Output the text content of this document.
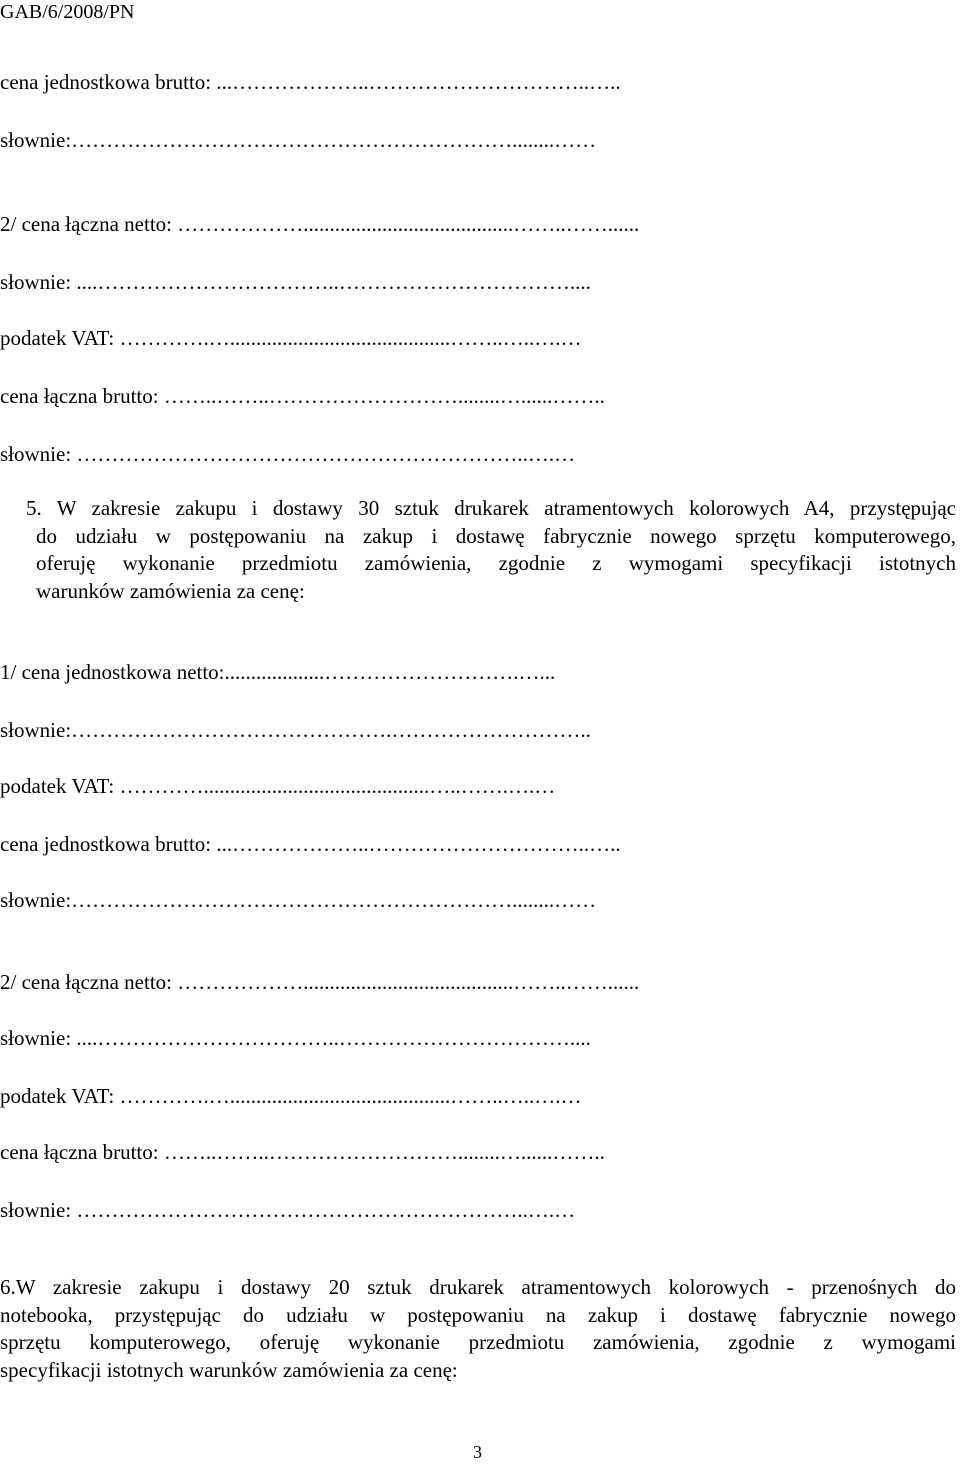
GAB/6/2008/PN
cena jednostkowa brutto: ...………………..…………………………..…..
słownie:………………………………………………………........……
2/ cena łączna netto: ………………........................................……..……......
słownie: ....……………………………..……………………………....
podatek VAT: ………….…..........................................……..…..….…
cena łączna brutto: ……..……..………………………........…......……..
słownie: ………………………………………………………..….…
5. W zakresie zakupu i dostawy 30 sztuk drukarek atramentowych kolorowych A4, przystępując
do udziału w postępowaniu na zakup i dostawę fabrycznie nowego sprzętu komputerowego,
oferuję wykonanie przedmiotu zamówienia, zgodnie z wymogami specyfikacji istotnych
warunków zamówienia za cenę:
1/ cena jednostkowa netto:...................……………………….…...
słownie:……………………………………….………………………..
podatek VAT: …………...........................................…..…….….…
cena jednostkowa brutto: ...………………..…………………………..…..
słownie:………………………………………………………........……
2/ cena łączna netto: ………………........................................……..……......
słownie: ....……………………………..……………………………....
podatek VAT: ………….…..........................................……..…..….…
cena łączna brutto: ……..……..………………………........…......……..
słownie: ………………………………………………………..….…
6.W zakresie zakupu i dostawy 20 sztuk drukarek atramentowych kolorowych - przenośnych do
notebooka, przystępując do udziału w postępowaniu na zakup i dostawę fabrycznie nowego
sprzętu komputerowego, oferuję wykonanie przedmiotu zamówienia, zgodnie z wymogami
specyfikacji istotnych warunków zamówienia za cenę:
3
